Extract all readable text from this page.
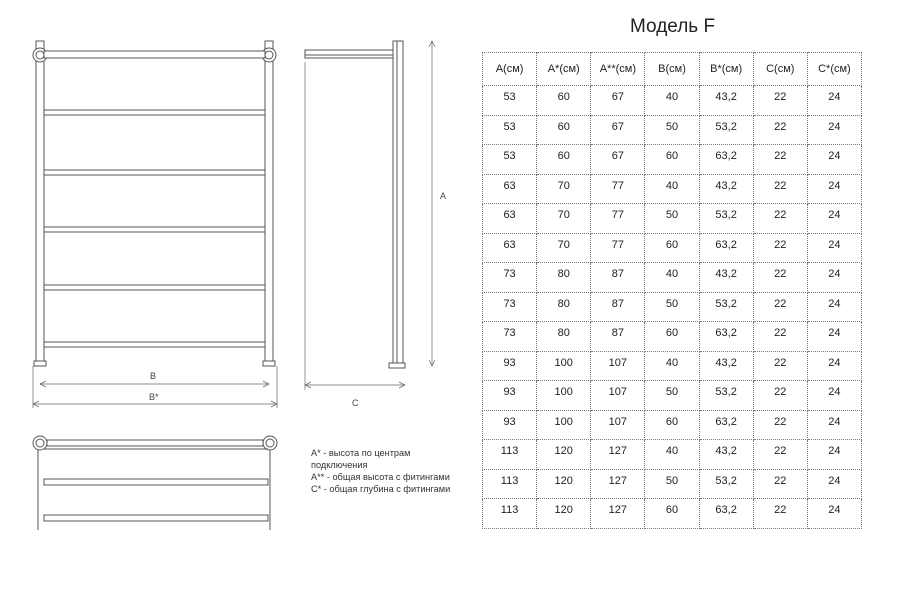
B
B*
A
C
Модель F

A* - высота по центрам подключения

A** - общая высота с фитингами

C* - общая глубина с фитингами

A(см)	A*(см)	A**(см)	B(см)	B*(см)	C(см)	C*(см)
53	60	67	40	43,2	22	24
53	60	67	50	53,2	22	24
53	60	67	60	63,2	22	24
63	70	77	40	43,2	22	24
63	70	77	50	53,2	22	24
63	70	77	60	63,2	22	24
73	80	87	40	43,2	22	24
73	80	87	50	53,2	22	24
73	80	87	60	63,2	22	24
93	100	107	40	43,2	22	24
93	100	107	50	53,2	22	24
93	100	107	60	63,2	22	24
113	120	127	40	43,2	22	24
113	120	127	50	53,2	22	24
113	120	127	60	63,2	22	24
